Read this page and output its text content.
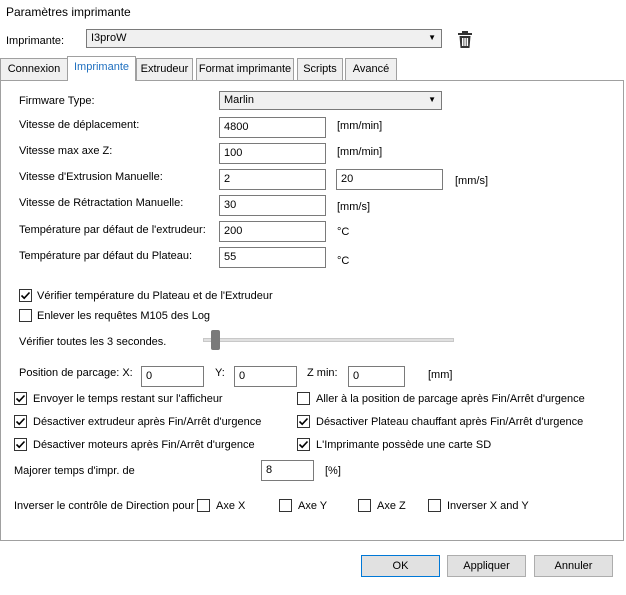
Paramètres imprimante
Imprimante: I3proW	▼
Connexion	Imprimante	Extrudeur Format imprimante	Scripts	Avancé
Firmware Type:	Marlin	▼
Vitesse de déplacement:	4800	[mm/min]
Vitesse max axe Z:	100	[mm/min]
Vitesse d'Extrusion Manuelle:	2	20	[mm/s]
Vitesse de Rétractation Manuelle:	30	[mm/s]
Température par défaut de l'extrudeur:	200	°C
Température par défaut du Plateau:	55	°C
Vérifier température du Plateau et de l'Extrudeur
Enlever les requêtes M105 des Log
Vérifier toutes les 3 secondes.
Position de parcage: X:	0	Y:	0	Z min:	0	[mm]
Envoyer le temps restant sur l'afficheur
Désactiver extrudeur après Fin/Arrêt d'urgence
Désactiver moteurs après Fin/Arrêt d'urgence
Aller à la position de parcage après Fin/Arrêt d'urgence
Désactiver Plateau chauffant après Fin/Arrêt d'urgence
L'Imprimante possède une carte SD
Majorer temps d'impr. de	8	[%]
Inverser le contrôle de Direction pour Axe X	Axe Y	Axe Z	Inverser X and Y
OK	Appliquer	Annuler
